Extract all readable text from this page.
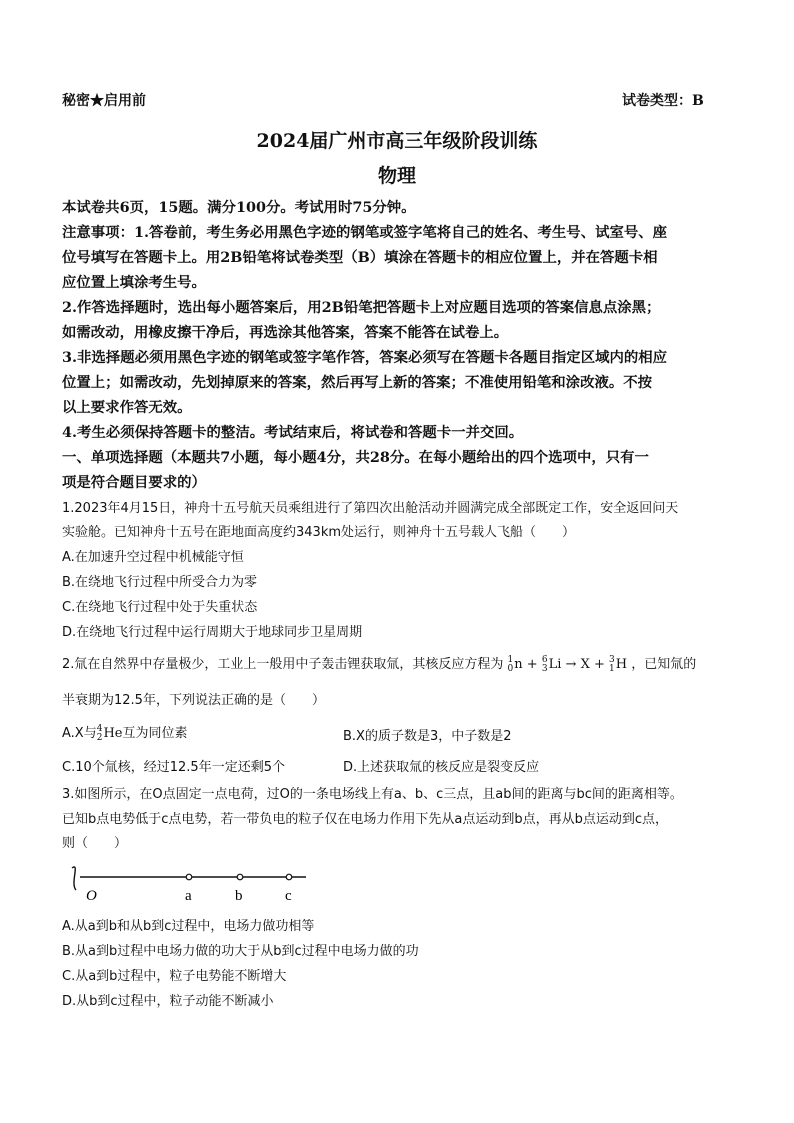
秘密★启用前	试卷类型：B
2024届广州市高三年级阶段训练
物理
本试卷共6页，15题。满分100分。考试用时75分钟。
注意事项：1.答卷前，考生务必用黑色字迹的钢笔或签字笔将自己的姓名、考生号、试室号、座
位号填写在答题卡上。用2B铅笔将试卷类型（B）填涂在答题卡的相应位置上，并在答题卡相
应位置上填涂考生号。
2.作答选择题时，选出每小题答案后，用2B铅笔把答题卡上对应题目选项的答案信息点涂黑；
如需改动，用橡皮擦干净后，再选涂其他答案，答案不能答在试卷上。
3.非选择题必须用黑色字迹的钢笔或签字笔作答，答案必须写在答题卡各题目指定区域内的相应
位置上；如需改动，先划掉原来的答案，然后再写上新的答案；不准使用铅笔和涂改液。不按
以上要求作答无效。
4.考生必须保持答题卡的整洁。考试结束后，将试卷和答题卡一并交回。
一、单项选择题（本题共7小题，每小题4分，共28分。在每小题给出的四个选项中，只有一
项是符合题目要求的）
1.2023年4月15日，神舟十五号航天员乘组进行了第四次出舱活动并圆满完成全部既定工作，安全返回问天
实验舱。已知神舟十五号在距地面高度约343km处运行，则神舟十五号载人飞船（　　）
A.在加速升空过程中机械能守恒
B.在绕地飞行过程中所受合力为零
C.在绕地飞行过程中处于失重状态
D.在绕地飞行过程中运行周期大于地球同步卫星周期
2.氚在自然界中存量极少，工业上一般用中子轰击锂获取氚，其核反应方程为 1
0 n + 6
3 Li → X + 3
1 H ，已知氚的
半衰期为12.5年，下列说法正确的是（　　）
A.X与 4
2 He互为同位素	B.X的质子数是3，中子数是2
C.10个氚核，经过12.5年一定还剩5个	D.上述获取氚的核反应是裂变反应
3.如图所示，在O点固定一点电荷，过O的一条电场线上有a、b、c三点，且ab间的距离与bc间的距离相等。
已知b点电势低于c点电势，若一带负电的粒子仅在电场力作用下先从a点运动到b点，再从b点运动到c点，
则（　　）
O	a	b	c
A.从a到b和从b到c过程中，电场力做功相等
B.从a到b过程中电场力做的功大于从b到c过程中电场力做的功
C.从a到b过程中，粒子电势能不断增大
D.从b到c过程中，粒子动能不断减小
